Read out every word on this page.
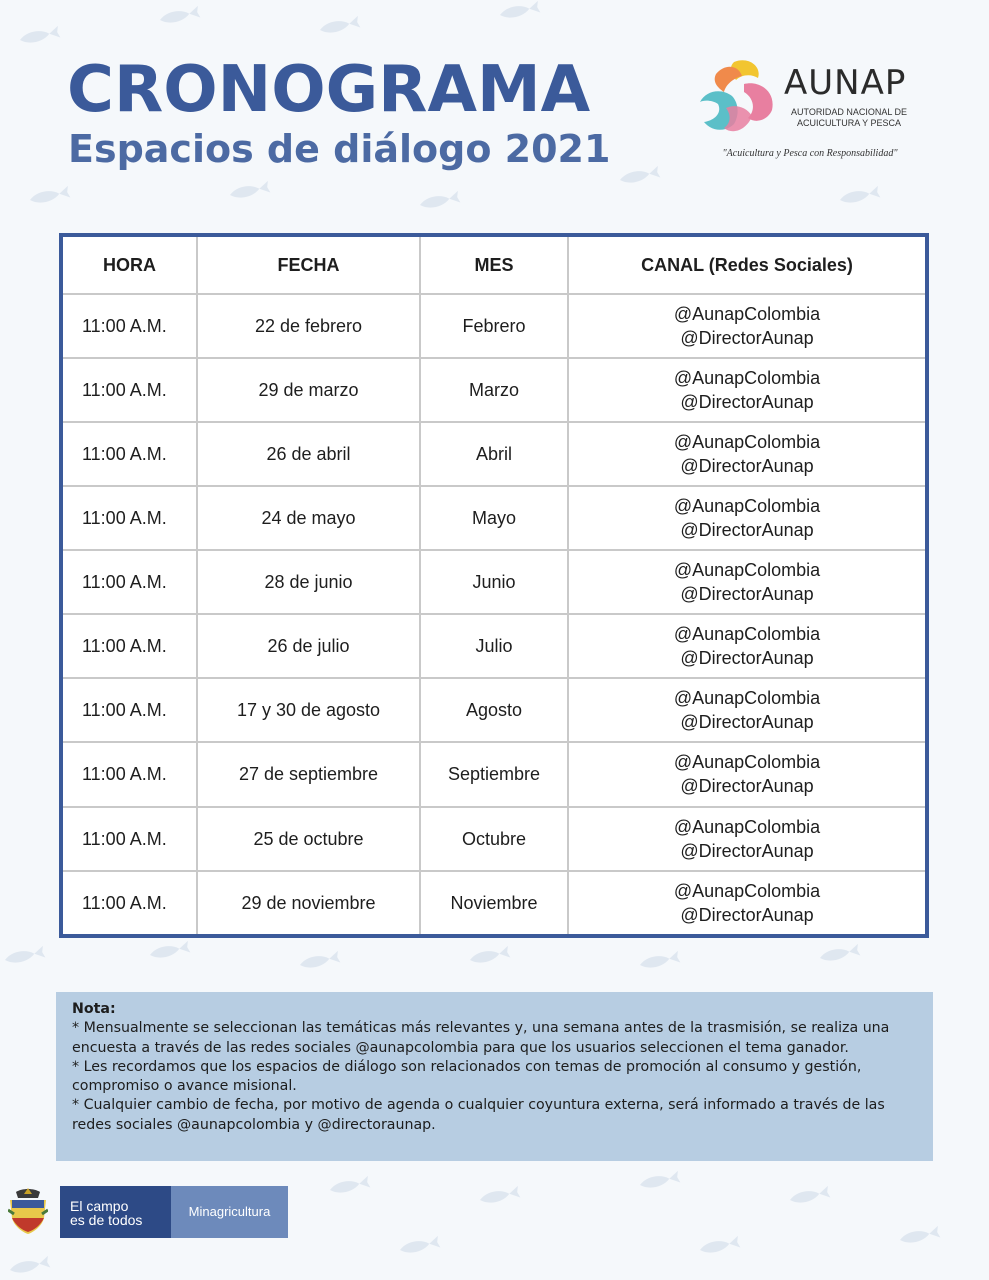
CRONOGRAMA
Espacios de diálogo 2021
AUNAP
AUTORIDAD NACIONAL DE ACUICULTURA Y PESCA
"Acuicultura y Pesca con Responsabilidad"
HORA	FECHA	MES	CANAL (Redes Sociales)
11:00 A.M.	22 de febrero	Febrero	@AunapColombia
@DirectorAunap

11:00 A.M.	29 de marzo	Marzo	@AunapColombia
@DirectorAunap

11:00 A.M.	26 de abril	Abril	@AunapColombia
@DirectorAunap

11:00 A.M.	24 de mayo	Mayo	@AunapColombia
@DirectorAunap

11:00 A.M.	28 de junio	Junio	@AunapColombia
@DirectorAunap

11:00 A.M.	26 de julio	Julio	@AunapColombia
@DirectorAunap

11:00 A.M.	17 y 30 de agosto	Agosto	@AunapColombia
@DirectorAunap

11:00 A.M.	27 de septiembre	Septiembre	@AunapColombia
@DirectorAunap

11:00 A.M.	25 de octubre	Octubre	@AunapColombia
@DirectorAunap

11:00 A.M.	29 de noviembre	Noviembre	@AunapColombia
@DirectorAunap

Nota:

* Mensualmente se seleccionan las temáticas más relevantes y, una semana antes de la trasmisión, se realiza una encuesta a través de las redes sociales @aunapcolombia para que los usuarios seleccionen el tema ganador.

* Les recordamos que los espacios de diálogo son relacionados con temas de promoción al consumo y gestión, compromiso o avance misional.

* Cualquier cambio de fecha, por motivo de agenda o cualquier coyuntura externa, será informado a través de las redes sociales @aunapcolombia y @directoraunap.

El campo
es de todos
Minagricultura
